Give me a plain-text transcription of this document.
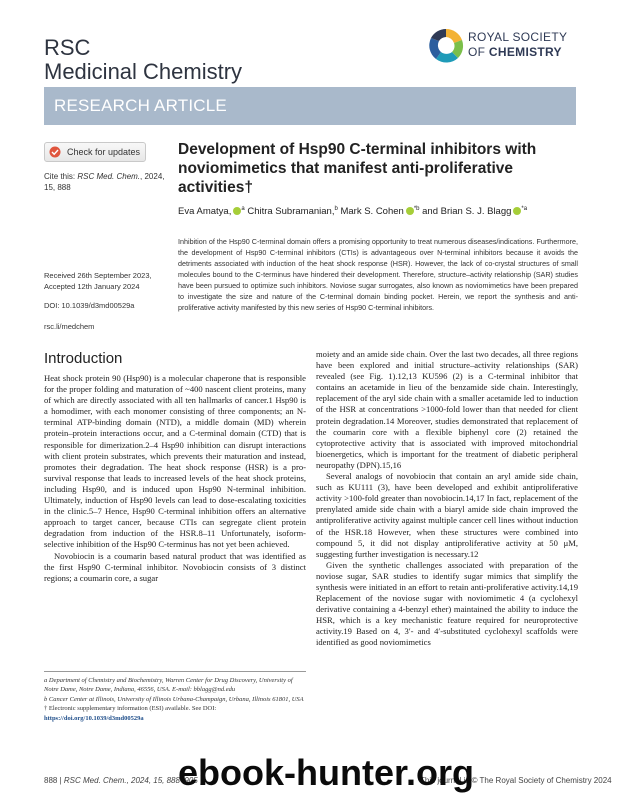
RSC
Medicinal Chemistry
ROYAL SOCIETY
OF CHEMISTRY
RESEARCH ARTICLE
Check for updates
Cite this: RSC Med. Chem., 2024, 15, 888
Received 26th September 2023, Accepted 12th January 2024
DOI: 10.1039/d3md00529a
rsc.li/medchem
Development of Hsp90 C-terminal inhibitors with noviomimetics that manifest anti-proliferative activities†
Eva Amatya, $^a$ Chitra Subramanian,$^b$ Mark S. Cohen $^{*b}$ and Brian S. J. Blagg $^{*a}$
Inhibition of the Hsp90 C-terminal domain offers a promising opportunity to treat numerous diseases/indications. Furthermore, the development of Hsp90 C-terminal inhibitors (CTIs) is advantageous over N-terminal inhibitors because it avoids the detriments associated with induction of the heat shock response (HSR). However, the lack of co-crystal structures of small molecules bound to the C-terminus have hindered their development. Therefore, structure–activity relationship (SAR) studies have been pursued to optimize such inhibitors. Noviose sugar surrogates, also known as noviomimetics have been prepared to investigate the size and nature of the C-terminal domain binding pocket. Herein, we report the synthesis and anti-proliferative activity manifested by this new series of Hsp90 C-terminal inhibitors.
Introduction

Heat shock protein 90 (Hsp90) is a molecular chaperone that is responsible for the proper folding and maturation of ~400 nascent client proteins, many of which are directly associated with all ten hallmarks of cancer.1 Hsp90 is a homodimer, with each monomer consisting of three components; an N-terminal ATP-binding domain (NTD), a middle domain (MD) wherein protein–protein interactions occur, and a C-terminal domain (CTD) that is responsible for dimerization.2–4 Hsp90 inhibition can disrupt interactions with client protein substrates, which prevents their maturation and instead, promotes their degradation. The heat shock response (HSR) is a pro-survival response that leads to increased levels of the heat shock proteins, including Hsp90, and is induced upon Hsp90 N-terminal inhibition. Ultimately, induction of Hsp90 levels can lead to dose-escalating toxicities in the clinic.5–7 Hence, Hsp90 C-terminal inhibition offers an alternative approach to target cancer, because CTIs can segregate client protein degradation from induction of the HSR.8–11 Unfortunately, isoform-selective inhibition of the Hsp90 C-terminus has not yet been achieved.

Novobiocin is a coumarin based natural product that was identified as the first Hsp90 C-terminal inhibitor. Novobiocin consists of 3 distinct regions; a coumarin core, a sugar

moiety and an amide side chain. Over the last two decades, all three regions have been explored and initial structure–activity relationships (SAR) revealed (see Fig. 1).12,13 KU596 (2) is a C-terminal inhibitor that contains an acetamide in lieu of the benzamide side chain. Interestingly, replacement of the aryl side chain with a smaller acetamide led to induction of the HSR at concentrations >1000-fold lower than that needed for client protein degradation.14 Moreover, studies demonstrated that replacement of the coumarin core with a flexible biphenyl core (2) retained the cytoprotective activity that is associated with improved mitochondrial bioenergetics, which is important for the treatment of diabetic peripheral neuropathy (DPN).15,16

Several analogs of novobiocin that contain an aryl amide side chain, such as KU111 (3), have been developed and exhibit antiproliferative activity >100-fold greater than novobiocin.14,17 In fact, replacement of the prenylated amide side chain with a biaryl amide side chain improved the antiproliferative activity against multiple cancer cell lines without induction of the HSR.18 However, when these structures were combined into compound 5, it did not display antiproliferative activity at 50 μM, suggesting further investigation is necessary.12

Given the synthetic challenges associated with preparation of the noviose sugar, SAR studies to identify sugar mimics that simplify the synthesis were initiated in an effort to retain anti-proliferative activity.14,19 Replacement of the noviose sugar with noviomimetic 4 (a cyclohexyl derivative containing a 4-benzyl ether) maintained the ability to induce the HSR, which is a key mechanistic feature required for neuroprotective activity.19 Based on 4, 3′- and 4′-substituted cyclohexyl scaffolds were identified as good noviomimetics

a Department of Chemistry and Biochemistry, Warren Center for Drug Discovery, University of Notre Dame, Notre Dame, Indiana, 46556, USA. E-mail: bblagg@nd.edu
b Cancer Center at Illinois, University of Illinois Urbana-Champaign, Urbana, Illinois 61801, USA
† Electronic supplementary information (ESI) available. See DOI: https://doi.org/10.1039/d3md00529a
888 | RSC Med. Chem., 2024, 15, 888–905	This journal is © The Royal Society of Chemistry 2024
ebook-hunter.org
